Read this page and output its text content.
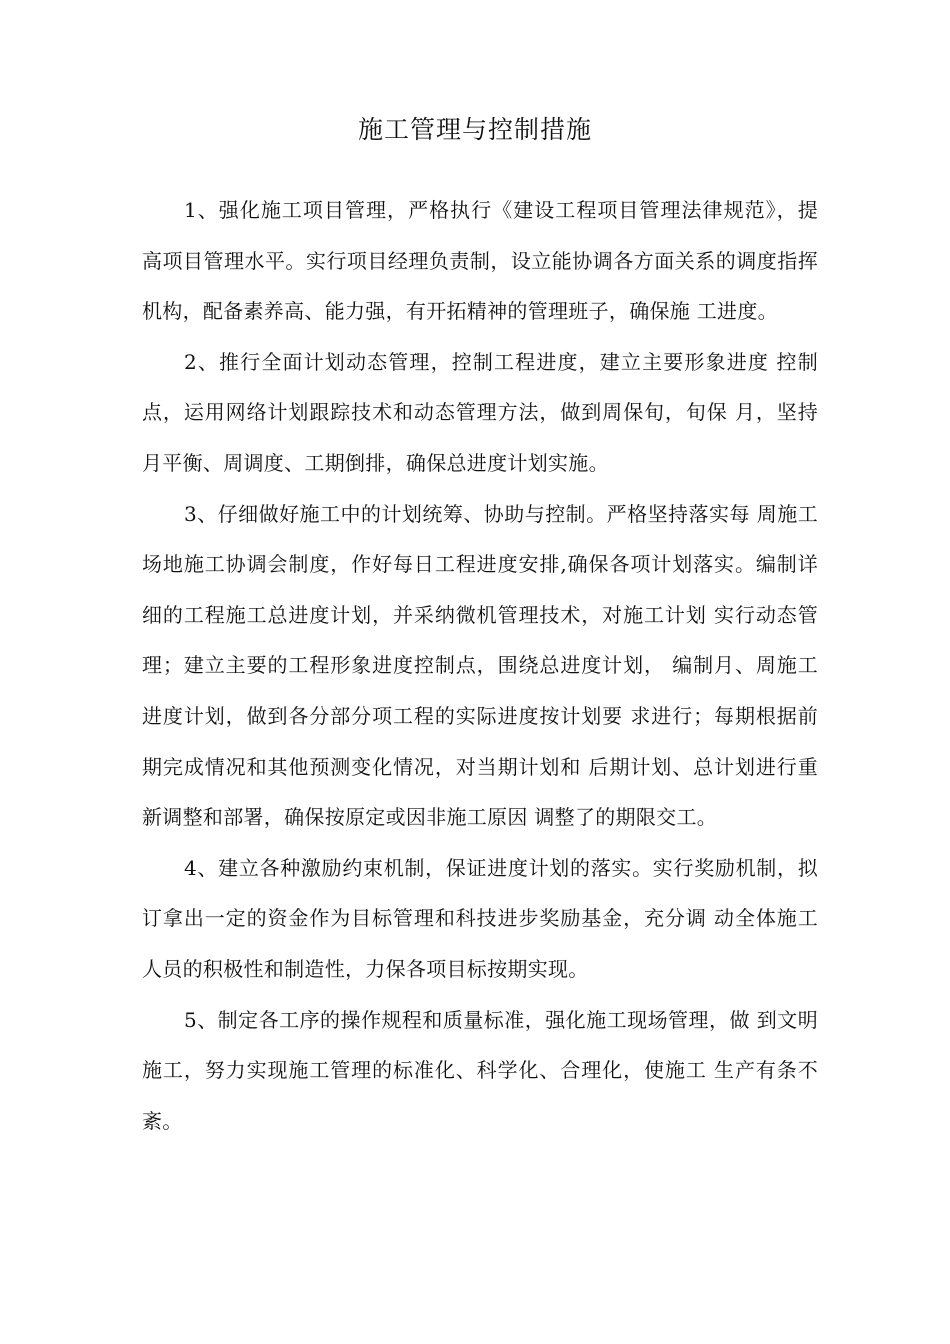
施工管理与控制措施

1、强化施工项目管理，严格执行《建设工程项目管理法律规范》，提 高项目管理水平。实行项目经理负责制，设立能协调各方面关系的调度指挥机构，配备素养高、能力强，有开拓精神的管理班子，确保施 工进度。

2、推行全面计划动态管理，控制工程进度，建立主要形象进度 控制点，运用网络计划跟踪技术和动态管理方法，做到周保旬，旬保 月，坚持月平衡、周调度、工期倒排，确保总进度计划实施。

3、仔细做好施工中的计划统筹、协助与控制。严格坚持落实每 周施工场地施工协调会制度，作好每日工程进度安排,确保各项计划落实。编制详细的工程施工总进度计划，并采纳微机管理技术，对施工计划 实行动态管理；建立主要的工程形象进度控制点，围绕总进度计划， 编制月、周施工进度计划，做到各分部分项工程的实际进度按计划要 求进行；每期根据前期完成情况和其他预测变化情况，对当期计划和 后期计划、总计划进行重新调整和部署，确保按原定或因非施工原因 调整了的期限交工。

4、建立各种激励约束机制，保证进度计划的落实。实行奖励机制，拟订拿出一定的资金作为目标管理和科技进步奖励基金，充分调 动全体施工人员的积极性和制造性，力保各项目标按期实现。

5、制定各工序的操作规程和质量标准，强化施工现场管理，做 到文明施工，努力实现施工管理的标准化、科学化、合理化，使施工 生产有条不紊。
